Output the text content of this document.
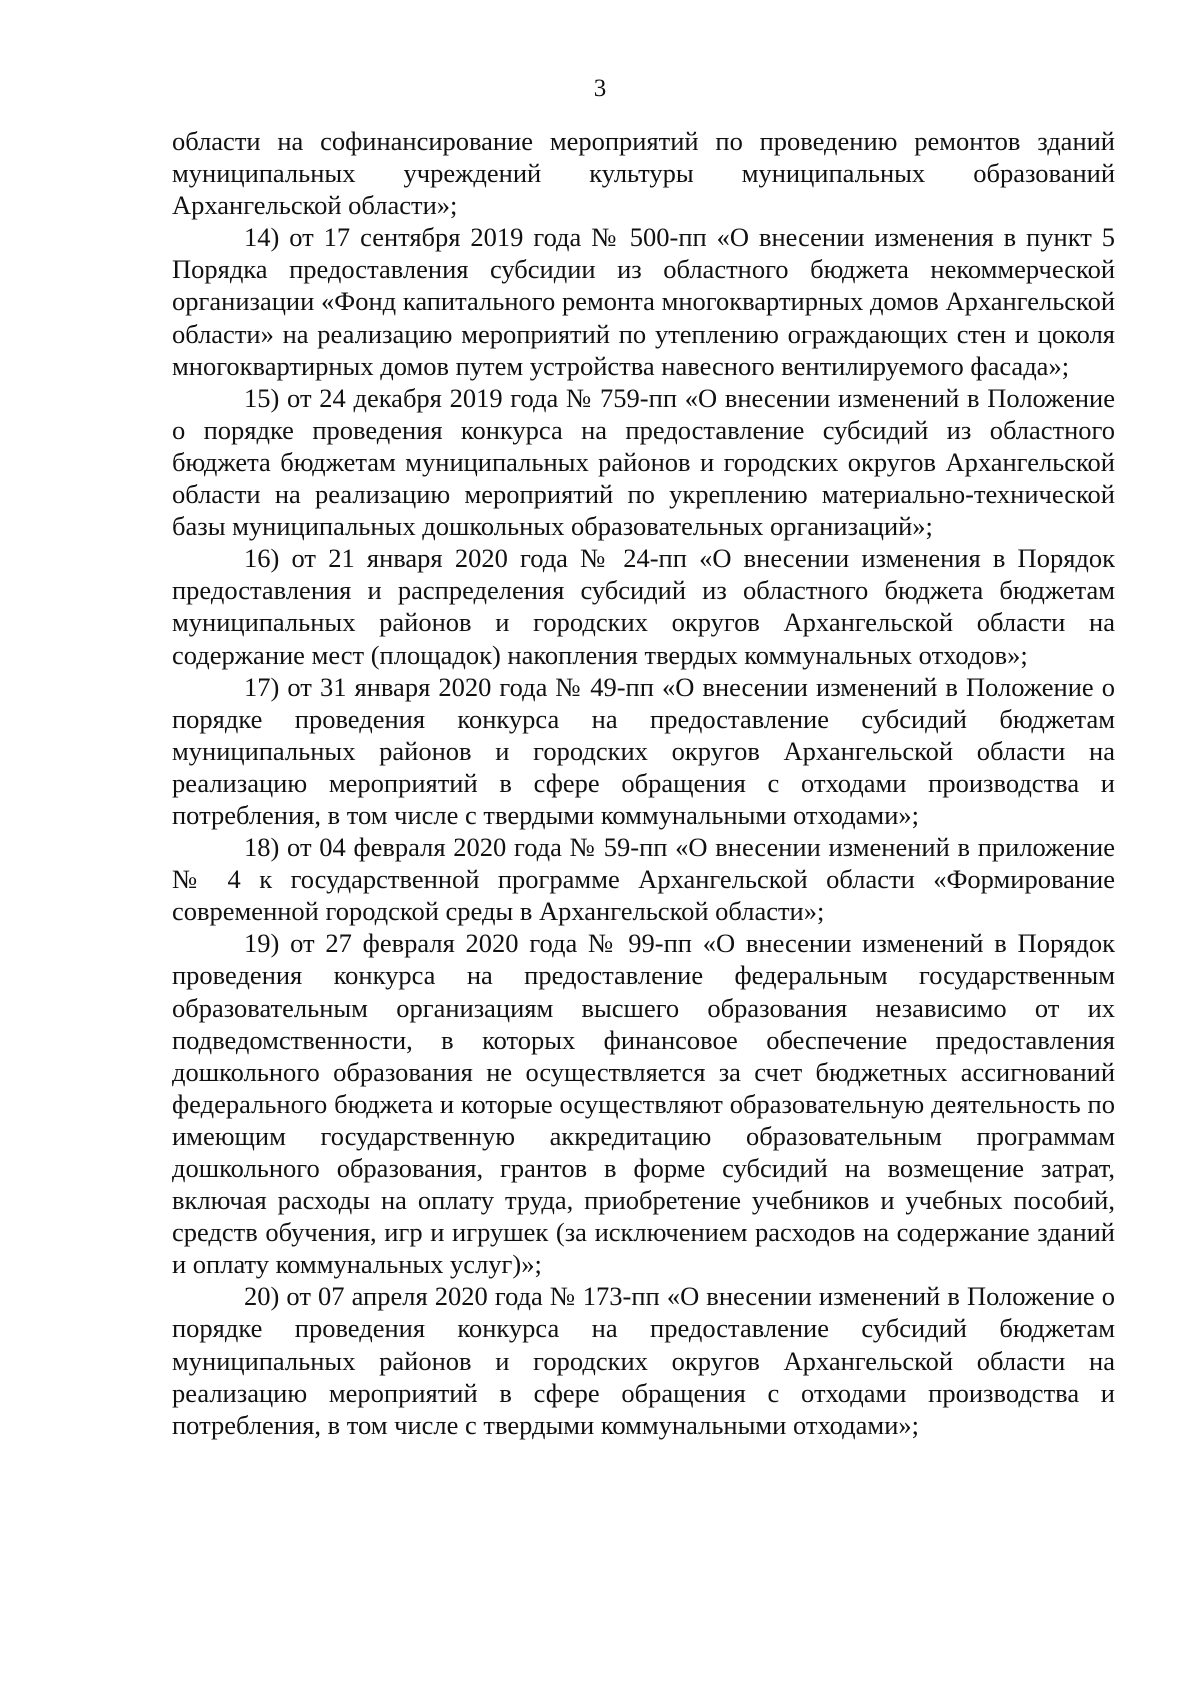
3

области на софинансирование мероприятий по проведению ремонтов зданий муниципальных учреждений культуры муниципальных образований Архангельской области»;

14) от 17 сентября 2019 года № 500-пп «О внесении изменения в пункт 5 Порядка предоставления субсидии из областного бюджета некоммерческой организации «Фонд капитального ремонта многоквартирных домов Архангельской области» на реализацию мероприятий по утеплению ограждающих стен и цоколя многоквартирных домов путем устройства навесного вентилируемого фасада»;

15) от 24 декабря 2019 года № 759-пп «О внесении изменений в Положение о порядке проведения конкурса на предоставление субсидий из областного бюджета бюджетам муниципальных районов и городских округов Архангельской области на реализацию мероприятий по укреплению материально-технической базы муниципальных дошкольных образовательных организаций»;

16) от 21 января 2020 года № 24-пп «О внесении изменения в Порядок предоставления и распределения субсидий из областного бюджета бюджетам муниципальных районов и городских округов Архангельской области на содержание мест (площадок) накопления твердых коммунальных отходов»;

17) от 31 января 2020 года № 49-пп «О внесении изменений в Положение о порядке проведения конкурса на предоставление субсидий бюджетам муниципальных районов и городских округов Архангельской области на реализацию мероприятий в сфере обращения с отходами производства и потребления, в том числе с твердыми коммунальными отходами»;

18) от 04 февраля 2020 года № 59-пп «О внесении изменений в приложение № 4 к государственной программе Архангельской области «Формирование современной городской среды в Архангельской области»;

19) от 27 февраля 2020 года № 99-пп «О внесении изменений в Порядок проведения конкурса на предоставление федеральным государственным образовательным организациям высшего образования независимо от их подведомственности, в которых финансовое обеспечение предоставления дошкольного образования не осуществляется за счет бюджетных ассигнований федерального бюджета и которые осуществляют образовательную деятельность по имеющим государственную аккредитацию образовательным программам дошкольного образования, грантов в форме субсидий на возмещение затрат, включая расходы на оплату труда, приобретение учебников и учебных пособий, средств обучения, игр и игрушек (за исключением расходов на содержание зданий и оплату коммунальных услуг)»;

20) от 07 апреля 2020 года № 173-пп «О внесении изменений в Положение о порядке проведения конкурса на предоставление субсидий бюджетам муниципальных районов и городских округов Архангельской области на реализацию мероприятий в сфере обращения с отходами производства и потребления, в том числе с твердыми коммунальными отходами»;
